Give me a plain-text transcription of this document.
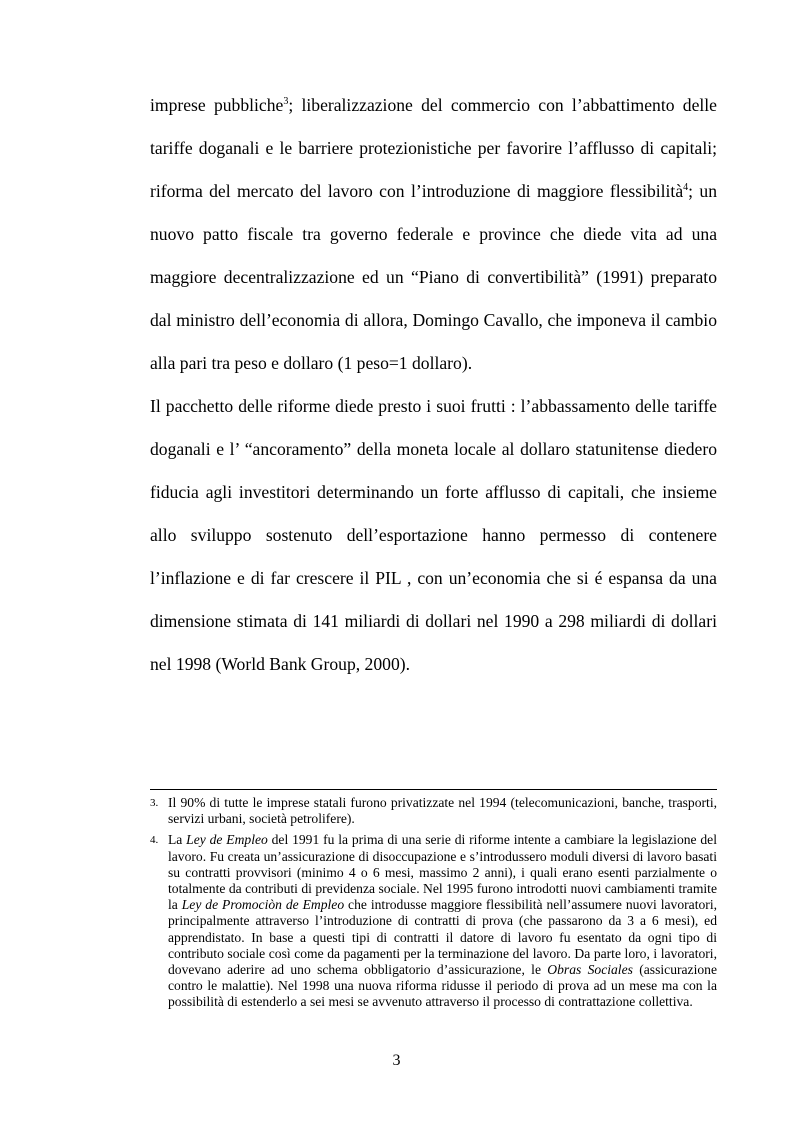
imprese pubbliche$^3$; liberalizzazione del commercio con l’abbattimento delle tariffe doganali e le barriere protezionistiche per favorire l’afflusso di capitali; riforma del mercato del lavoro con l’introduzione di maggiore flessibilità$^4$; un nuovo patto fiscale tra governo federale e province che diede vita ad una maggiore decentralizzazione ed un “Piano di convertibilità” (1991) preparato dal ministro dell’economia di allora, Domingo Cavallo, che imponeva il cambio alla pari tra peso e dollaro (1 peso=1 dollaro).

Il pacchetto delle riforme diede presto i suoi frutti : l’abbassamento delle tariffe doganali e l’ “ancoramento” della moneta locale al dollaro statunitense diedero fiducia agli investitori determinando un forte afflusso di capitali, che insieme allo sviluppo sostenuto dell’esportazione hanno permesso di contenere l’inflazione e di far crescere il PIL , con un’economia che si é espansa da una dimensione stimata di 141 miliardi di dollari nel 1990 a 298 miliardi di dollari nel 1998 (World Bank Group, 2000).

3. Il 90% di tutte le imprese statali furono privatizzate nel 1994 (telecomunicazioni, banche, trasporti, servizi urbani, società petrolifere).
4. La Ley de Empleo del 1991 fu la prima di una serie di riforme intente a cambiare la legislazione del lavoro. Fu creata un’assicurazione di disoccupazione e s’introdussero moduli diversi di lavoro basati su contratti provvisori (minimo 4 o 6 mesi, massimo 2 anni), i quali erano esenti parzialmente o totalmente da contributi di previdenza sociale. Nel 1995 furono introdotti nuovi cambiamenti tramite la Ley de Promociòn de Empleo che introdusse maggiore flessibilità nell’assumere nuovi lavoratori, principalmente attraverso l’introduzione di contratti di prova (che passarono da 3 a 6 mesi), ed apprendistato. In base a questi tipi di contratti il datore di lavoro fu esentato da ogni tipo di contributo sociale così come da pagamenti per la terminazione del lavoro. Da parte loro, i lavoratori, dovevano aderire ad uno schema obbligatorio d’assicurazione, le Obras Sociales (assicurazione contro le malattie). Nel 1998 una nuova riforma ridusse il periodo di prova ad un mese ma con la possibilità di estenderlo a sei mesi se avvenuto attraverso il processo di contrattazione collettiva.
3
